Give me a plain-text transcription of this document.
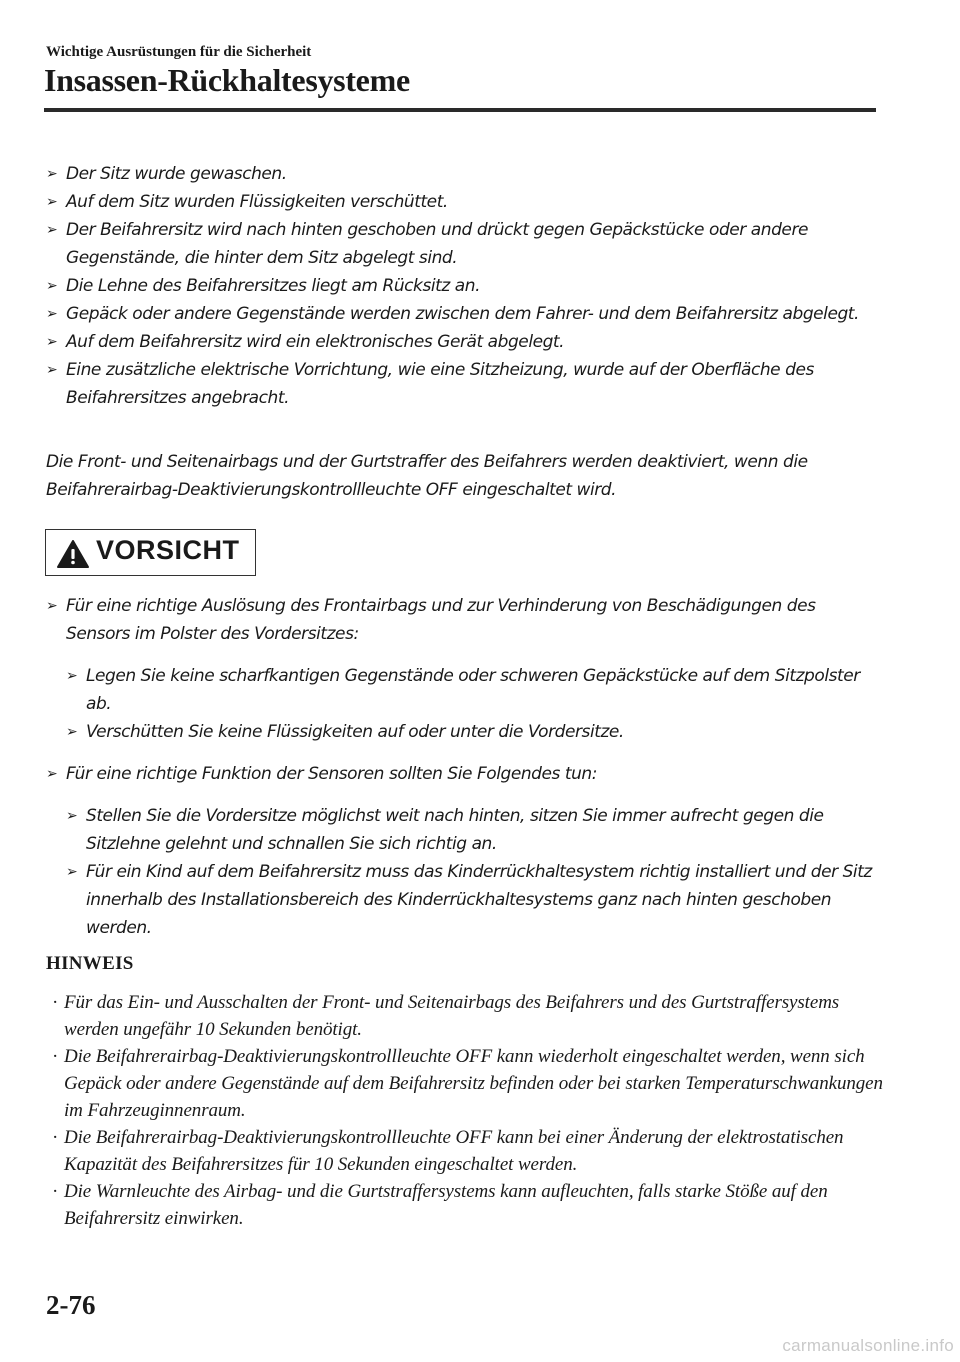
Wichtige Ausrüstungen für die Sicherheit
Insassen-Rückhaltesysteme
➢ Der Sitz wurde gewaschen.
➢ Auf dem Sitz wurden Flüssigkeiten verschüttet.
➢ Der Beifahrersitz wird nach hinten geschoben und drückt gegen Gepäckstücke oder andere Gegenstände, die hinter dem Sitz abgelegt sind.
➢ Die Lehne des Beifahrersitzes liegt am Rücksitz an.
➢ Gepäck oder andere Gegenstände werden zwischen dem Fahrer- und dem Beifahrersitz abgelegt.
➢ Auf dem Beifahrersitz wird ein elektronisches Gerät abgelegt.
➢ Eine zusätzliche elektrische Vorrichtung, wie eine Sitzheizung, wurde auf der Oberfläche des Beifahrersitzes angebracht.
Die Front- und Seitenairbags und der Gurtstraffer des Beifahrers werden deaktiviert, wenn die Beifahrerairbag-Deaktivierungskontrollleuchte OFF eingeschaltet wird.
VORSICHT
➢ Für eine richtige Auslösung des Frontairbags und zur Verhinderung von Beschädigungen des Sensors im Polster des Vordersitzes:
➢ Legen Sie keine scharfkantigen Gegenstände oder schweren Gepäckstücke auf dem Sitzpolster ab.
➢ Verschütten Sie keine Flüssigkeiten auf oder unter die Vordersitze.
➢ Für eine richtige Funktion der Sensoren sollten Sie Folgendes tun:
➢ Stellen Sie die Vordersitze möglichst weit nach hinten, sitzen Sie immer aufrecht gegen die Sitzlehne gelehnt und schnallen Sie sich richtig an.
➢ Für ein Kind auf dem Beifahrersitz muss das Kinderrückhaltesystem richtig installiert und der Sitz innerhalb des Installationsbereich des Kinderrückhaltesystems ganz nach hinten geschoben werden.
HINWEIS
· Für das Ein- und Ausschalten der Front- und Seitenairbags des Beifahrers und des Gurtstraffersystems werden ungefähr 10 Sekunden benötigt.
· Die Beifahrerairbag-Deaktivierungskontrollleuchte OFF kann wiederholt eingeschaltet werden, wenn sich Gepäck oder andere Gegenstände auf dem Beifahrersitz befinden oder bei starken Temperaturschwankungen im Fahrzeuginnenraum.
· Die Beifahrerairbag-Deaktivierungskontrollleuchte OFF kann bei einer Änderung der elektrostatischen Kapazität des Beifahrersitzes für 10 Sekunden eingeschaltet werden.
· Die Warnleuchte des Airbag- und die Gurtstraffersystems kann aufleuchten, falls starke Stöße auf den Beifahrersitz einwirken.
2-76
carmanualsonline.info
